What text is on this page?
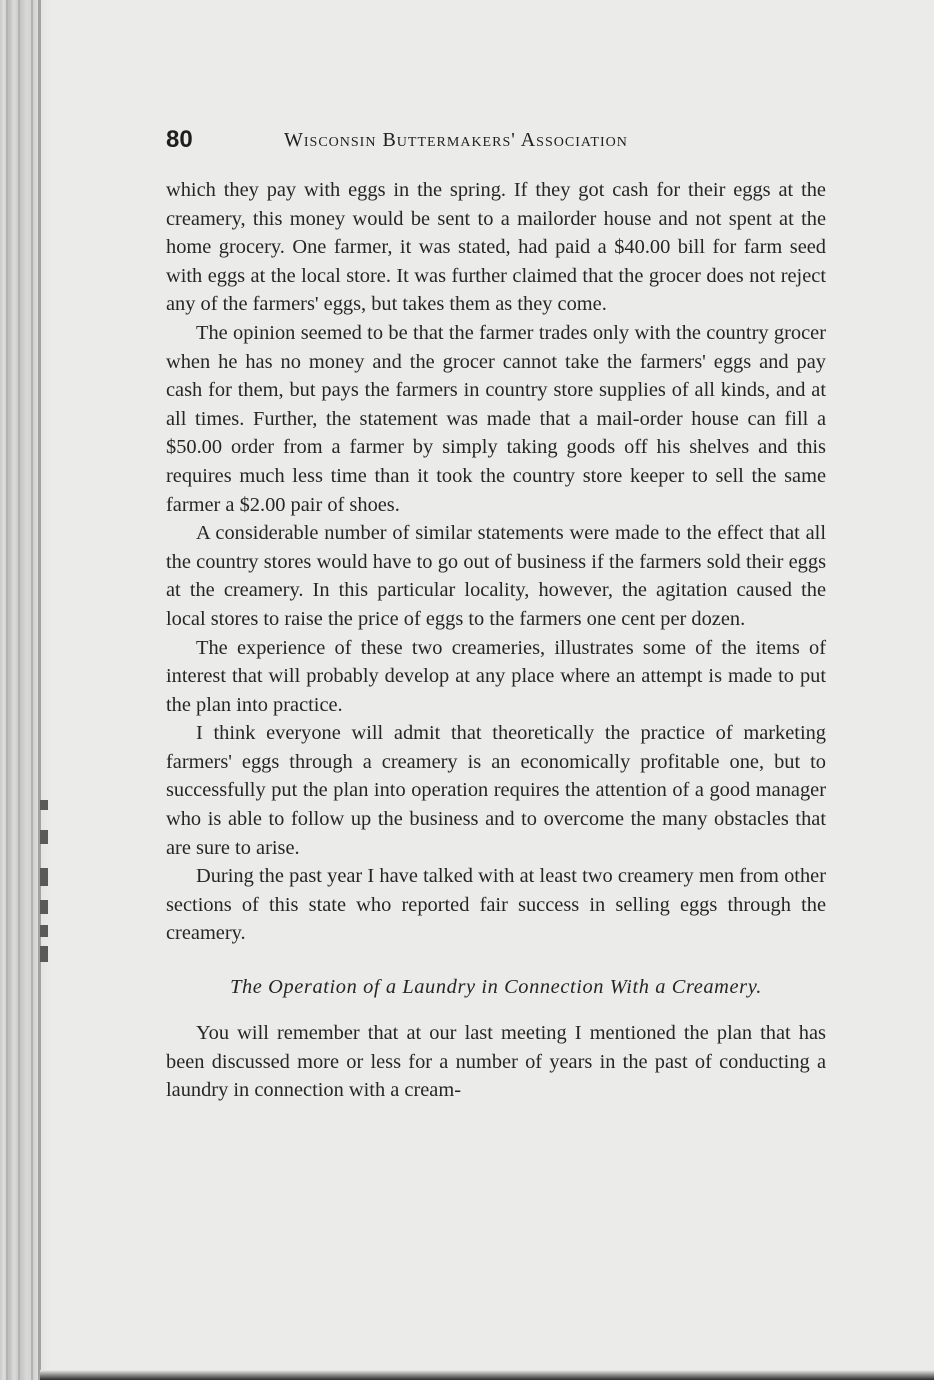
80	Wisconsin Buttermakers' Association

which they pay with eggs in the spring. If they got cash for their eggs at the creamery, this money would be sent to a mailorder house and not spent at the home grocery. One farmer, it was stated, had paid a $40.00 bill for farm seed with eggs at the local store. It was further claimed that the grocer does not reject any of the farmers' eggs, but takes them as they come.

The opinion seemed to be that the farmer trades only with the country grocer when he has no money and the grocer cannot take the farmers' eggs and pay cash for them, but pays the farmers in country store supplies of all kinds, and at all times. Further, the statement was made that a mail-order house can fill a $50.00 order from a farmer by simply taking goods off his shelves and this requires much less time than it took the country store keeper to sell the same farmer a $2.00 pair of shoes.

A considerable number of similar statements were made to the effect that all the country stores would have to go out of business if the farmers sold their eggs at the creamery. In this particular locality, however, the agitation caused the local stores to raise the price of eggs to the farmers one cent per dozen.

The experience of these two creameries, illustrates some of the items of interest that will probably develop at any place where an attempt is made to put the plan into practice.

I think everyone will admit that theoretically the practice of marketing farmers' eggs through a creamery is an economically profitable one, but to successfully put the plan into operation requires the attention of a good manager who is able to follow up the business and to overcome the many obstacles that are sure to arise.

During the past year I have talked with at least two creamery men from other sections of this state who reported fair success in selling eggs through the creamery.

The Operation of a Laundry in Connection With a Creamery.

You will remember that at our last meeting I mentioned the plan that has been discussed more or less for a number of years in the past of conducting a laundry in connection with a cream-
